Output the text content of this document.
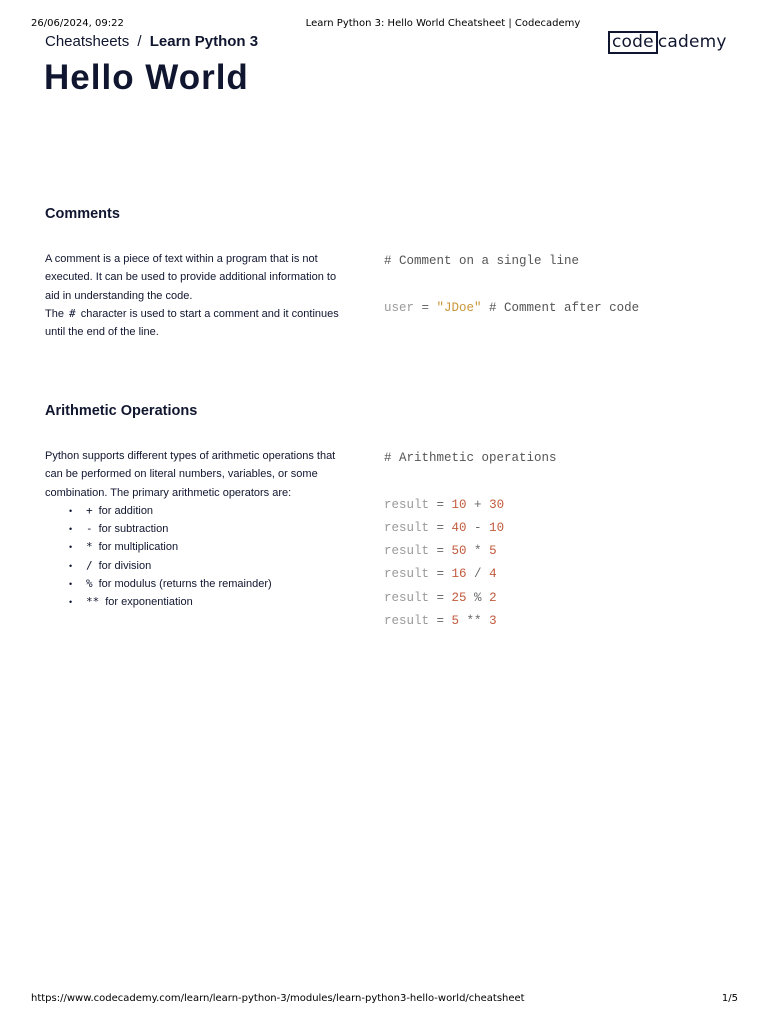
26/06/2024, 09:22	Learn Python 3: Hello World Cheatsheet | Codecademy
Cheatsheets / Learn Python 3	code cademy
Hello World
Comments

A comment is a piece of text within a program that is not executed. It can be used to provide additional information to aid in understanding the code.

The # character is used to start a comment and it continues until the end of the line.

# Comment on a single line
user = "JDoe" # Comment after code
Arithmetic Operations

Python supports different types of arithmetic operations that can be performed on literal numbers, variables, or some combination. The primary arithmetic operators are:

• + for addition
• - for subtraction
• * for multiplication
• / for division
• % for modulus (returns the remainder)
• ** for exponentiation
# Arithmetic operations
result = 10 + 30
result = 40 - 10
result = 50 * 5
result = 16 / 4
result = 25 % 2
result = 5 ** 3
https://www.codecademy.com/learn/learn-python-3/modules/learn-python3-hello-world/cheatsheet	1/5
